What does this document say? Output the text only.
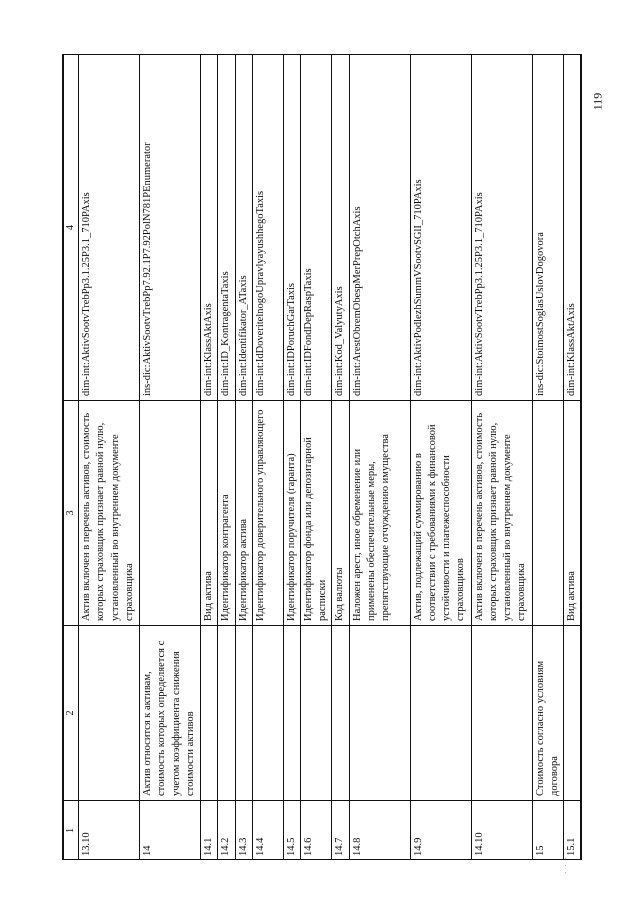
119
1	2	3	4
13.10		Актив включен в перечень активов, стоимость которых страховщик признает равной нулю, установленный во внутреннем документе страховщика	dim-int:AktivSootvTrebPp3.1.25P3.1_710PAxis
14	Актив относится к активам, стоимость которых определяется с учетом коэффициента снижения стоимости активов		ins-dic:AktivSootvTrebPp7.92.1P7.92PolN781PEnumerator
14.1		Вид актива	dim-int:KlassAktAxis
14.2		Идентификатор контрагента	dim-int:ID_KontragentaTaxis
14.3		Идентификатор актива	dim-int:Identifikator_ATaxis
14.4		Идентификатор доверительного управляющего	dim-int:IdDoveritelnogoUpravlyayushhegoTaxis
14.5		Идентификатор поручителя (гаранта)	dim-int:IDPoruchGarTaxis
14.6		Идентификатор фонда или депозитарной расписки	dim-int:IDFondDepRaspTaxis
14.7		Код валюты	dim-int:Kod_ValyutyAxis
14.8		Наложен арест, иное обременение или применены обеспечительные меры, препятствующие отчуждению имущества	dim-int:ArestObremObespMerPrepOtchAxis
14.9		Актив, подлежащий суммированию в соответствии с требованиями к финансовой устойчивости и платежеспособности страховщиков	dim-int:AktivPodlezhSummVSootvSGlI_710PAxis
14.10		Актив включен в перечень активов, стоимость которых страховщик признает равной нулю, установленный во внутреннем документе страховщика	dim-int:AktivSootvTrebPp3.1.25P3.1_710PAxis
15	Стоимость согласно условиям договора		ins-dic:StoimostSoglasUslovDogovora
15.1		Вид актива	dim-int:KlassAktAxis
· · ·
